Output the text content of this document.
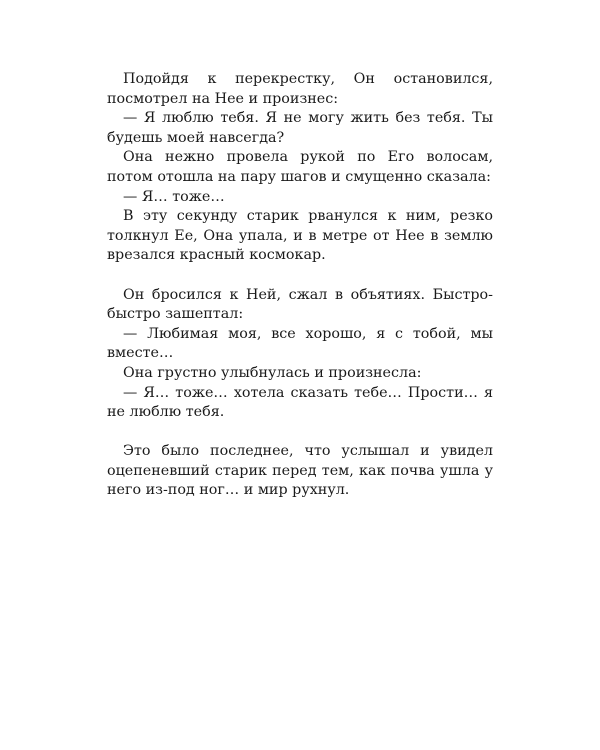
Подойдя к перекрестку, Он остановился, посмотрел на Нее и произнес:

— Я люблю тебя. Я не могу жить без тебя. Ты будешь моей навсегда?

Она нежно провела рукой по Его волосам, потом отошла на пару шагов и смущенно сказала:

— Я… тоже…

В эту секунду старик рванулся к ним, резко толкнул Ее, Она упала, и в метре от Нее в землю врезался красный космокар.

Он бросился к Ней, сжал в объятиях. Быстро-быстро зашептал:

— Любимая моя, все хорошо, я с тобой, мы вместе…

Она грустно улыбнулась и произнесла:

— Я… тоже… хотела сказать тебе… Прости… я не люблю тебя.

Это было последнее, что услышал и увидел оцепеневший старик перед тем, как почва ушла у него из-под ног… и мир рухнул.
